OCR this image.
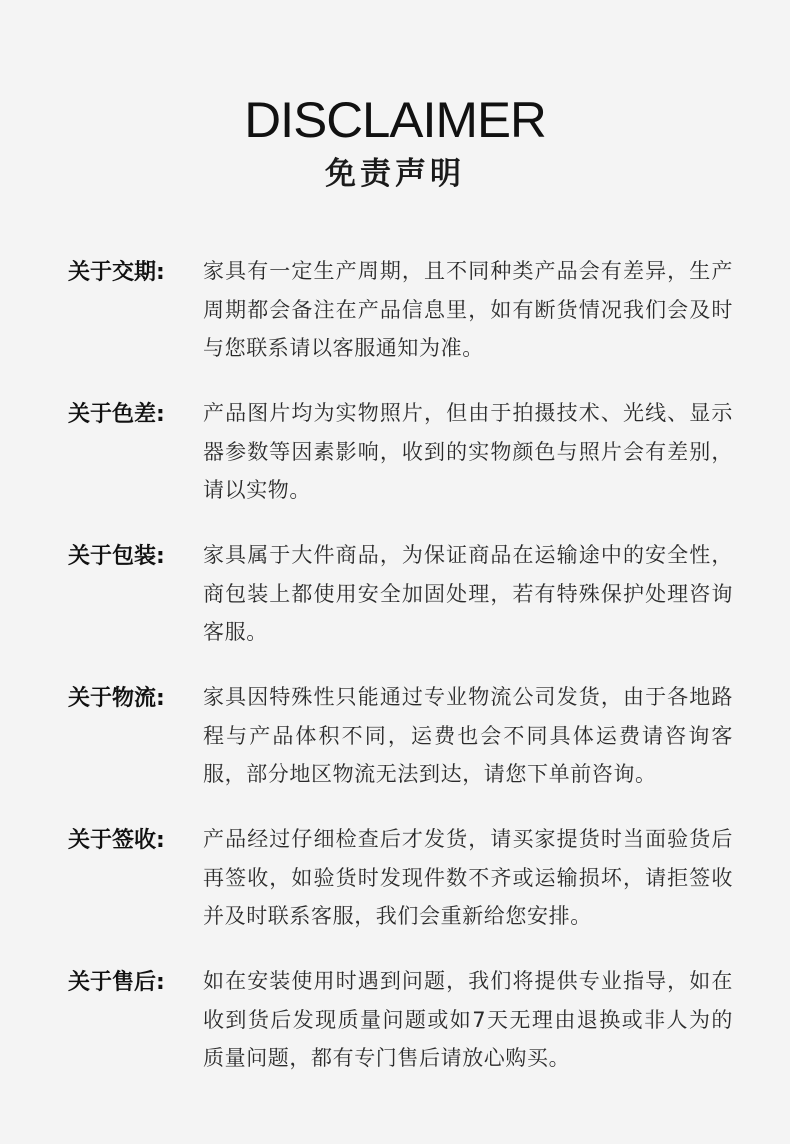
DISCLAIMER
免责声明
关于交期:	家具有一定生产周期，且不同种类产品会有差异，生产周期都会备注在产品信息里，如有断货情况我们会及时与您联系请以客服通知为准。
关于色差:	产品图片均为实物照片，但由于拍摄技术、光线、显示器参数等因素影响，收到的实物颜色与照片会有差别，请以实物。
关于包装:	家具属于大件商品，为保证商品在运输途中的安全性，商包装上都使用安全加固处理，若有特殊保护处理咨询客服。
关于物流:	家具因特殊性只能通过专业物流公司发货，由于各地路程与产品体积不同，运费也会不同具体运费请咨询客服，部分地区物流无法到达，请您下单前咨询。
关于签收:	产品经过仔细检查后才发货，请买家提货时当面验货后再签收，如验货时发现件数不齐或运输损坏，请拒签收并及时联系客服，我们会重新给您安排。
关于售后:	如在安装使用时遇到问题，我们将提供专业指导，如在收到货后发现质量问题或如7天无理由退换或非人为的质量问题，都有专门售后请放心购买。
